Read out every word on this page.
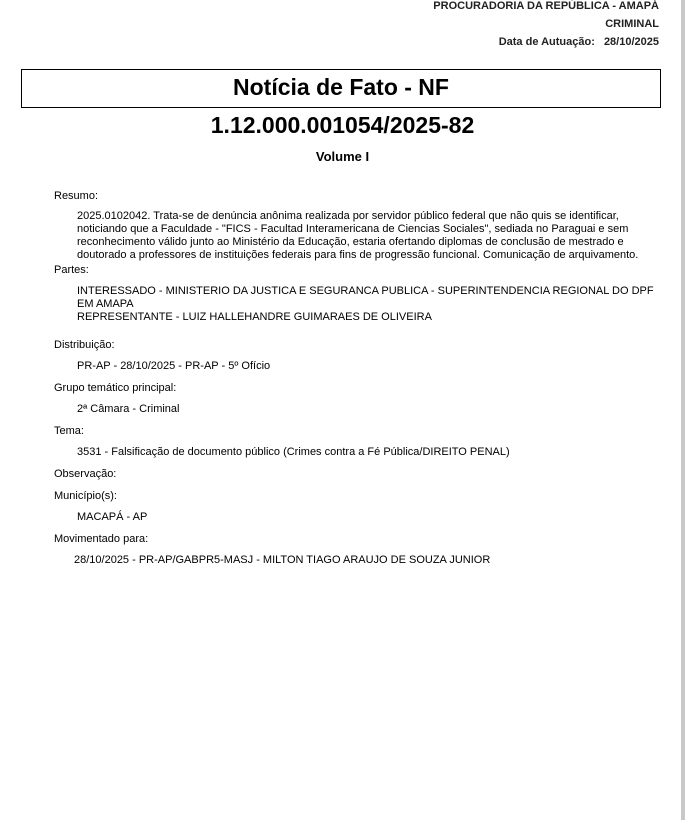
PROCURADORIA DA REPÚBLICA - AMAPÁ
CRIMINAL
Data de Autuação: 28/10/2025
Notícia de Fato - NF
1.12.000.001054/2025-82
Volume I
Resumo:
2025.0102042. Trata-se de denúncia anônima realizada por servidor público federal que não quis se identificar, noticiando que a Faculdade - "FICS - Facultad Interamericana de Ciencias Sociales", sediada no Paraguai e sem reconhecimento válido junto ao Ministério da Educação, estaria ofertando diplomas de conclusão de mestrado e doutorado a professores de instituições federais para fins de progressão funcional. Comunicação de arquivamento.
Partes:
INTERESSADO - MINISTERIO DA JUSTICA E SEGURANCA PUBLICA - SUPERINTENDENCIA REGIONAL DO DPF EM AMAPA
REPRESENTANTE - LUIZ HALLEHANDRE GUIMARAES DE OLIVEIRA
Distribuição:
PR-AP - 28/10/2025 - PR-AP - 5º Ofício
Grupo temático principal:
2ª Câmara - Criminal
Tema:
3531 - Falsificação de documento público (Crimes contra a Fé Pública/DIREITO PENAL)
Observação:
Município(s):
MACAPÁ - AP
Movimentado para:
28/10/2025 - PR-AP/GABPR5-MASJ - MILTON TIAGO ARAUJO DE SOUZA JUNIOR
